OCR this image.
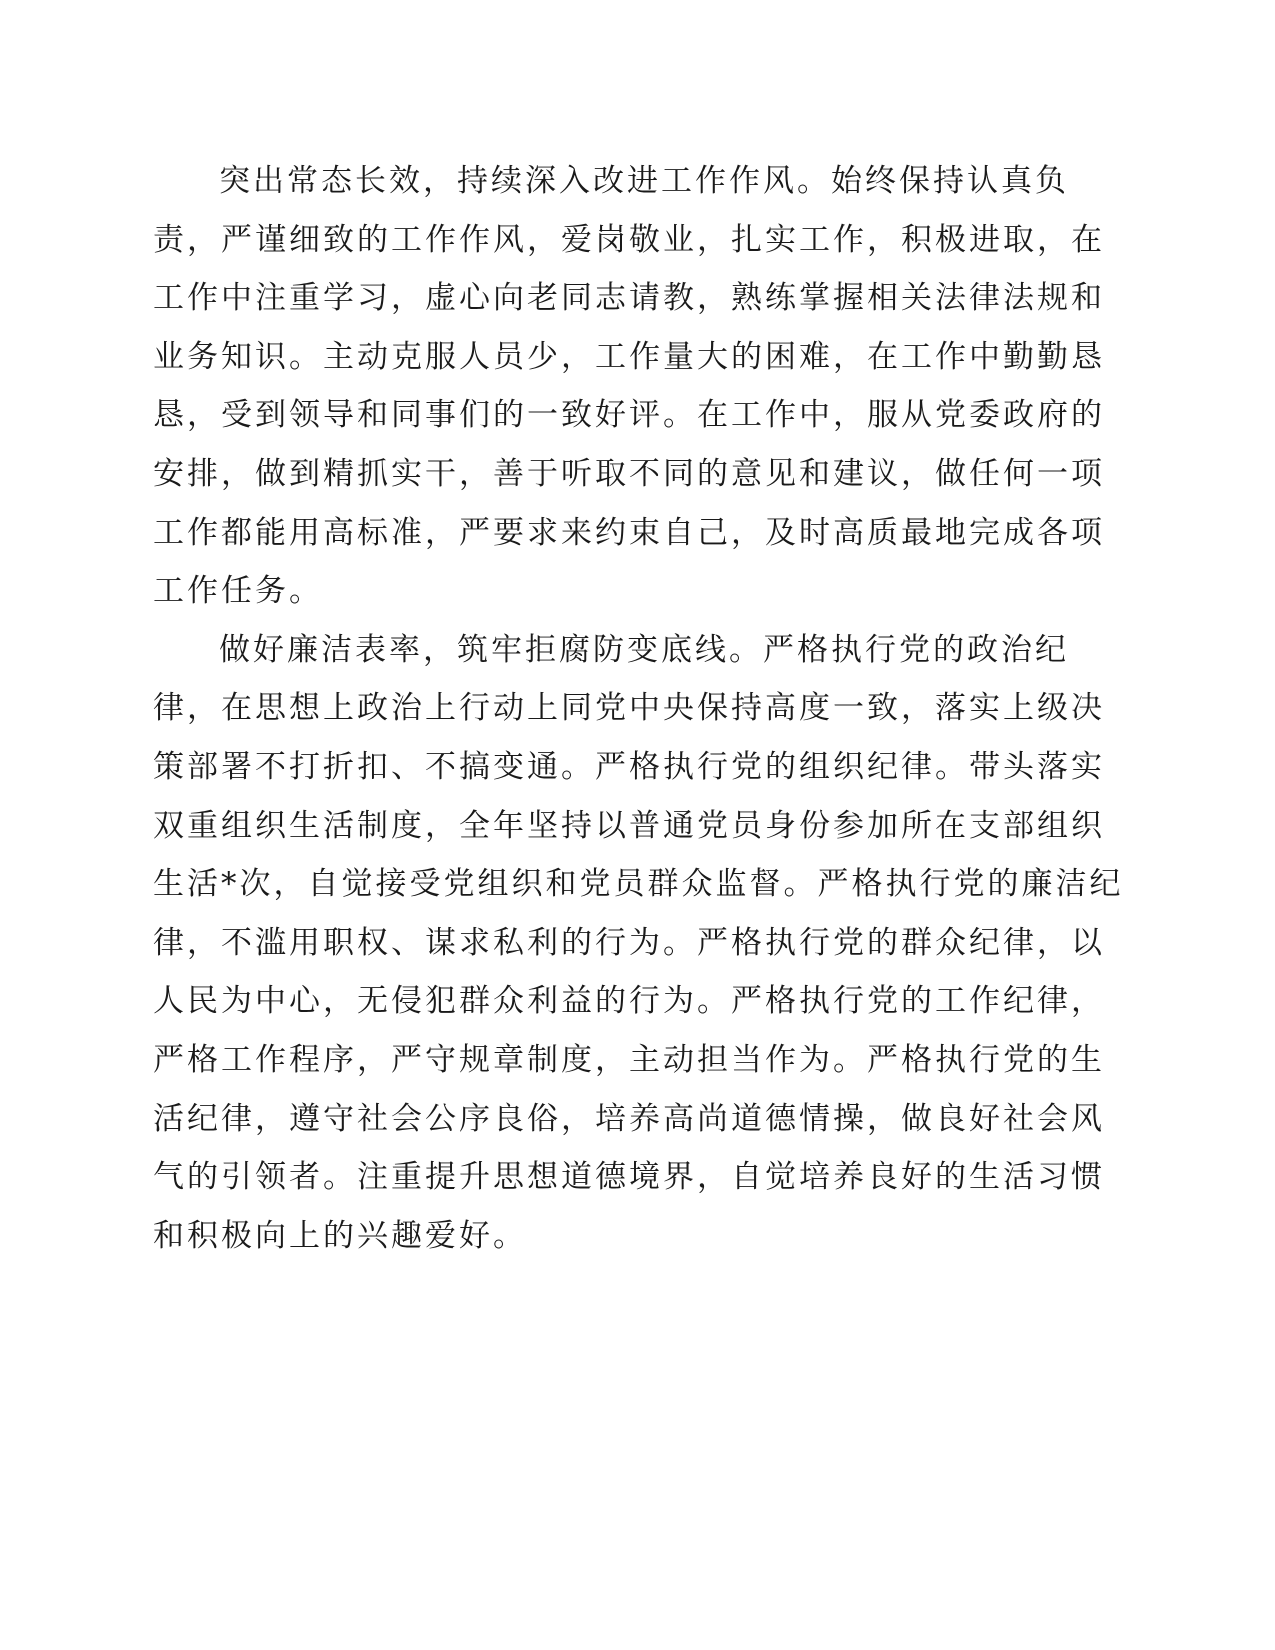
突出常态长效，持续深入改进工作作风。始终保持认真负
责，严谨细致的工作作风，爱岗敬业，扎实工作，积极进取，在
工作中注重学习，虚心向老同志请教，熟练掌握相关法律法规和
业务知识。主动克服人员少，工作量大的困难，在工作中勤勤恳
恳，受到领导和同事们的一致好评。在工作中，服从党委政府的
安排，做到精抓实干，善于听取不同的意见和建议，做任何一项
工作都能用高标准，严要求来约束自己，及时高质最地完成各项
工作任务。
做好廉洁表率，筑牢拒腐防变底线。严格执行党的政治纪
律，在思想上政治上行动上同党中央保持高度一致，落实上级决
策部署不打折扣、不搞变通。严格执行党的组织纪律。带头落实
双重组织生活制度，全年坚持以普通党员身份参加所在支部组织
生活*次，自觉接受党组织和党员群众监督。严格执行党的廉洁纪
律，不滥用职权、谋求私利的行为。严格执行党的群众纪律，以
人民为中心，无侵犯群众利益的行为。严格执行党的工作纪律，
严格工作程序，严守规章制度，主动担当作为。严格执行党的生
活纪律，遵守社会公序良俗，培养高尚道德情操，做良好社会风
气的引领者。注重提升思想道德境界，自觉培养良好的生活习惯
和积极向上的兴趣爱好。
